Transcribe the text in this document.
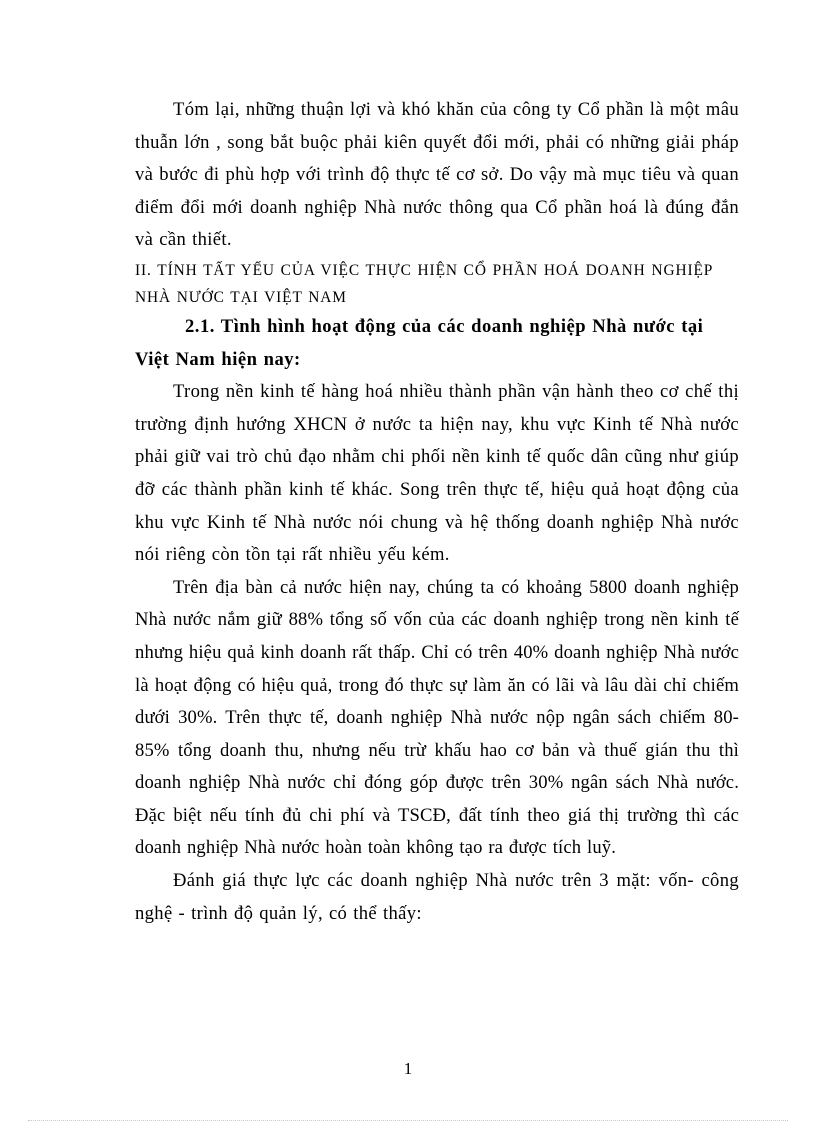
Tóm lại, những thuận lợi và khó khăn của công ty Cổ phần là một mâu thuẫn lớn , song bắt buộc phải kiên quyết đổi mới, phải có những giải pháp và bước đi phù hợp với trình độ thực tế cơ sở. Do vậy mà mục tiêu và quan điểm đổi mới doanh nghiệp Nhà nước thông qua Cổ phần hoá là đúng đắn và cần thiết.

II. TÍNH TẤT YẾU CỦA VIỆC THỰC HIỆN CỔ PHẦN HOÁ DOANH NGHIỆP NHÀ NƯỚC TẠI VIỆT NAM

2.1. Tình hình hoạt động của các doanh nghiệp Nhà nước tại Việt Nam hiện nay:

Trong nền kinh tế hàng hoá nhiều thành phần vận hành theo cơ chế thị trường định hướng XHCN ở nước ta hiện nay, khu vực Kinh tế Nhà nước phải giữ vai trò chủ đạo nhằm chi phối nền kinh tế quốc dân cũng như giúp đỡ các thành phần kinh tế khác. Song trên thực tế, hiệu quả hoạt động của khu vực Kinh tế Nhà nước nói chung và hệ thống doanh nghiệp Nhà nước nói riêng còn tồn tại rất nhiều yếu kém.

Trên địa bàn cả nước hiện nay, chúng ta có khoảng 5800 doanh nghiệp Nhà nước nắm giữ 88% tổng số vốn của các doanh nghiệp trong nền kinh tế nhưng hiệu quả kinh doanh rất thấp. Chỉ có trên 40% doanh nghiệp Nhà nước là hoạt động có hiệu quả, trong đó thực sự làm ăn có lãi và lâu dài chỉ chiếm dưới 30%. Trên thực tế, doanh nghiệp Nhà nước nộp ngân sách chiếm 80-85% tổng doanh thu, nhưng nếu trừ khấu hao cơ bản và thuế gián thu thì doanh nghiệp Nhà nước chỉ đóng góp được trên 30% ngân sách Nhà nước. Đặc biệt nếu tính đủ chi phí và TSCĐ, đất tính theo giá thị trường thì các doanh nghiệp Nhà nước hoàn toàn không tạo ra được tích luỹ.

Đánh giá thực lực các doanh nghiệp Nhà nước trên 3 mặt: vốn- công nghệ - trình độ quản lý, có thể thấy:

1
